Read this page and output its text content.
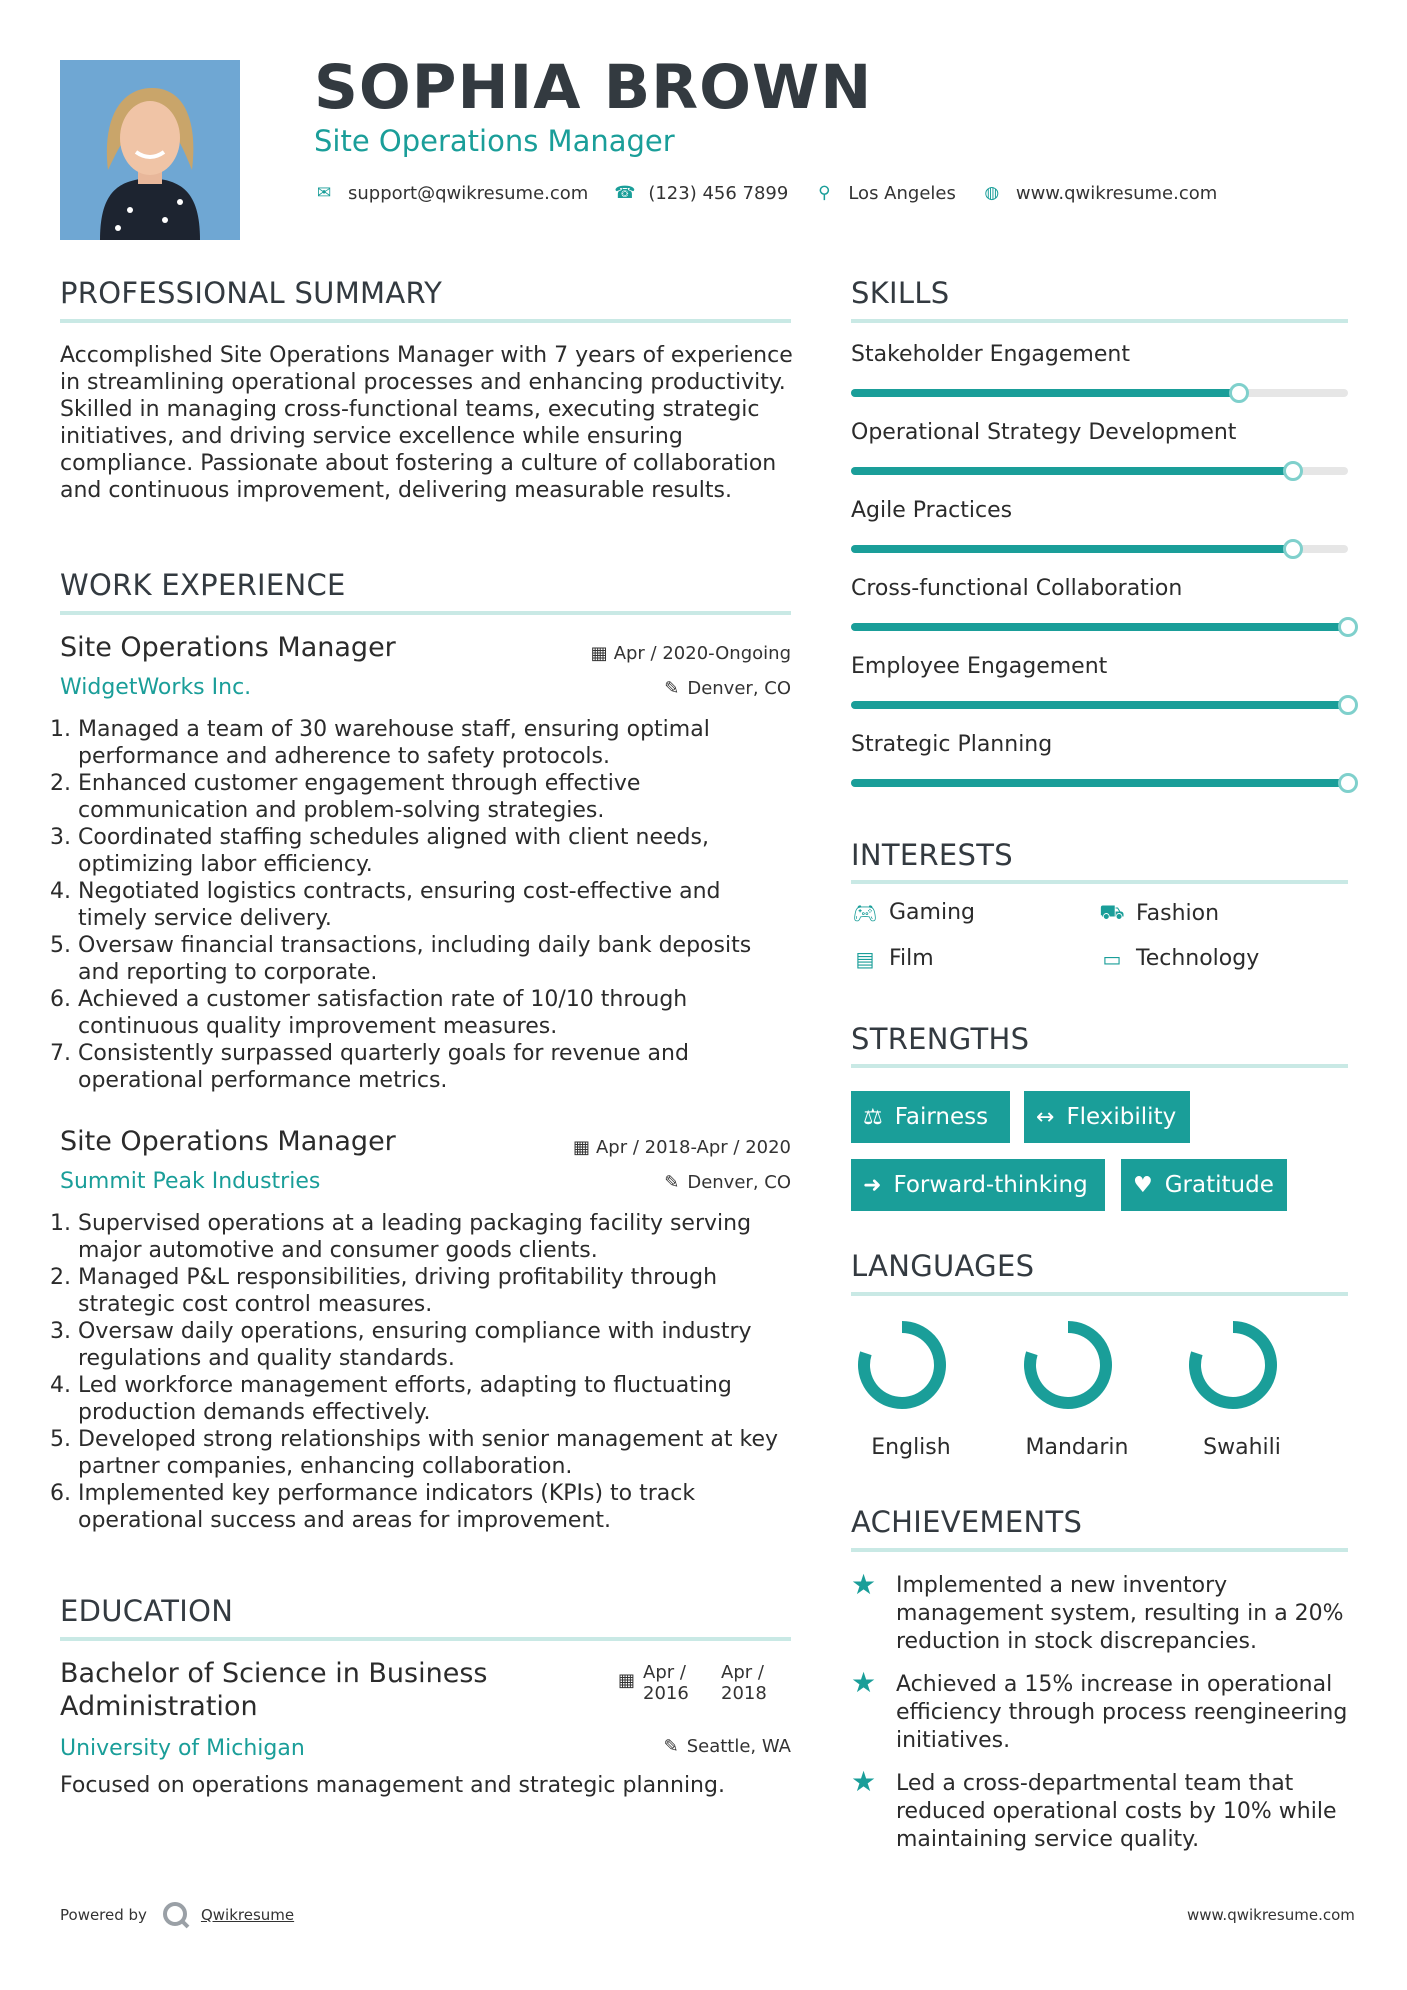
SOPHIA BROWN
Site Operations Manager
✉ support@qwikresume.com ☎ (123) 456 7899 ⚲ Los Angeles ◍ www.qwikresume.com
PROFESSIONAL SUMMARY
Accomplished Site Operations Manager with 7 years of experience in streamlining operational processes and enhancing productivity. Skilled in managing cross-functional teams, executing strategic initiatives, and driving service excellence while ensuring compliance. Passionate about fostering a culture of collaboration and continuous improvement, delivering measurable results.
WORK EXPERIENCE
Site Operations Manager	▦ Apr / 2020-Ongoing
WidgetWorks Inc.	✎ Denver, CO
1. Managed a team of 30 warehouse staff, ensuring optimal performance and adherence to safety protocols.
2. Enhanced customer engagement through effective communication and problem-solving strategies.
3. Coordinated staffing schedules aligned with client needs, optimizing labor efficiency.
4. Negotiated logistics contracts, ensuring cost-effective and timely service delivery.
5. Oversaw financial transactions, including daily bank deposits and reporting to corporate.
6. Achieved a customer satisfaction rate of 10/10 through continuous quality improvement measures.
7. Consistently surpassed quarterly goals for revenue and operational performance metrics.
Site Operations Manager	▦ Apr / 2018-Apr / 2020
Summit Peak Industries	✎ Denver, CO
1. Supervised operations at a leading packaging facility serving major automotive and consumer goods clients.
2. Managed P&L responsibilities, driving profitability through strategic cost control measures.
3. Oversaw daily operations, ensuring compliance with industry regulations and quality standards.
4. Led workforce management efforts, adapting to fluctuating production demands effectively.
5. Developed strong relationships with senior management at key partner companies, enhancing collaboration.
6. Implemented key performance indicators (KPIs) to track operational success and areas for improvement.
EDUCATION
Bachelor of Science in Business Administration
▦ Apr / 2016
Apr / 2018
University of Michigan	✎ Seattle, WA
Focused on operations management and strategic planning.
SKILLS
Stakeholder Engagement
Operational Strategy Development
Agile Practices
Cross-functional Collaboration
Employee Engagement
Strategic Planning
INTERESTS
🎮︎ Gaming	⛟ Fashion
▤ Film	▭ Technology
STRENGTHS
⚖ Fairness ↔ Flexibility
➜ Forward-thinking ♥ Gratitude
LANGUAGES
English	Mandarin	Swahili
ACHIEVEMENTS
★ Implemented a new inventory management system, resulting in a 20% reduction in stock discrepancies.
★ Achieved a 15% increase in operational efficiency through process reengineering initiatives.
★ Led a cross-departmental team that reduced operational costs by 10% while maintaining service quality.
Powered by	Qwikresume	www.qwikresume.com
